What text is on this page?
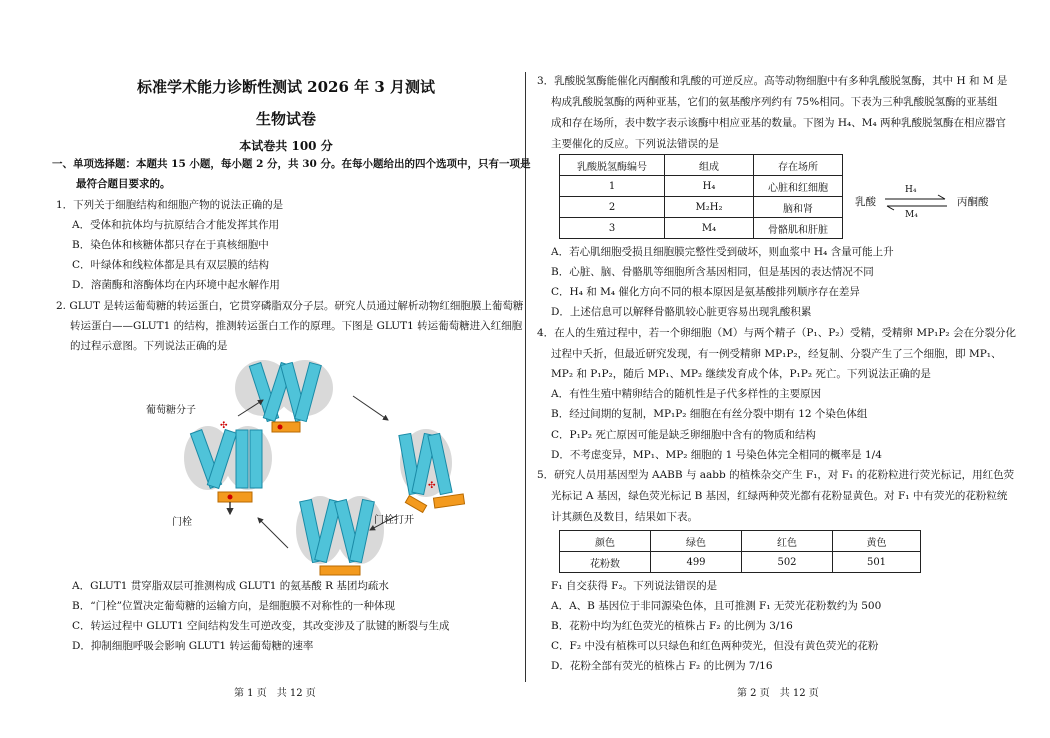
标准学术能力诊断性测试 2026 年 3 月测试
生物试卷
本试卷共 100 分
一、单项选择题：本题共 15 小题，每小题 2 分，共 30 分。在每小题给出的四个选项中，只有一项是
最符合题目要求的。
1．下列关于细胞结构和细胞产物的说法正确的是
A．受体和抗体均与抗原结合才能发挥其作用
B．染色体和核糖体都只存在于真核细胞中
C．叶绿体和线粒体都是具有双层膜的结构
D．溶菌酶和溶酶体均在内环境中起水解作用
2. GLUT 是转运葡萄糖的转运蛋白，它贯穿磷脂双分子层。研究人员通过解析动物红细胞膜上葡萄糖
转运蛋白——GLUT1 的结构，推测转运蛋白工作的原理。下图是 GLUT1 转运葡萄糖进入红细胞
的过程示意图。下列说法正确的是
✣
✣
葡萄糖分子
门栓	门栓打开
A．GLUT1 贯穿脂双层可推测构成 GLUT1 的氨基酸 R 基团均疏水
B．“门栓”位置决定葡萄糖的运输方向，是细胞膜不对称性的一种体现
C．转运过程中 GLUT1 空间结构发生可逆改变，其改变涉及了肽键的断裂与生成
D．抑制细胞呼吸会影响 GLUT1 转运葡萄糖的速率
第 1 页　共 12 页
3．乳酸脱氢酶能催化丙酮酸和乳酸的可逆反应。高等动物细胞中有多种乳酸脱氢酶，其中 H 和 M 是
构成乳酸脱氢酶的两种亚基，它们的氨基酸序列约有 75%相同。下表为三种乳酸脱氢酶的亚基组
成和存在场所，表中数字表示该酶中相应亚基的数量。下图为 H₄、M₄ 两种乳酸脱氢酶在相应器官
主要催化的反应。下列说法错误的是
乳酸脱氢酶编号	组成	存在场所
1	H₄	心脏和红细胞
2	M₂H₂	脑和肾
3	M₄	骨骼肌和肝脏
乳酸	丙酮酸
H₄
M₄
A．若心肌细胞受损且细胞膜完整性受到破坏，则血浆中 H₄ 含量可能上升
B．心脏、脑、骨骼肌等细胞所含基因相同，但是基因的表达情况不同
C．H₄ 和 M₄ 催化方向不同的根本原因是氨基酸排列顺序存在差异
D．上述信息可以解释骨骼肌较心脏更容易出现乳酸积累
4．在人的生殖过程中，若一个卵细胞（M）与两个精子（P₁、P₂）受精，受精卵 MP₁P₂ 会在分裂分化
过程中夭折，但最近研究发现，有一例受精卵 MP₁P₂，经复制、分裂产生了三个细胞，即 MP₁、
MP₂ 和 P₁P₂，随后 MP₁、MP₂ 继续发育成个体，P₁P₂ 死亡。下列说法正确的是
A．有性生殖中精卵结合的随机性是子代多样性的主要原因
B．经过间期的复制，MP₁P₂ 细胞在有丝分裂中期有 12 个染色体组
C．P₁P₂ 死亡原因可能是缺乏卵细胞中含有的物质和结构
D．不考虑变异，MP₁、MP₂ 细胞的 1 号染色体完全相同的概率是 1/4
5．研究人员用基因型为 AABB 与 aabb 的植株杂交产生 F₁，对 F₁ 的花粉粒进行荧光标记，用红色荧
光标记 A 基因，绿色荧光标记 B 基因，红绿两种荧光都有花粉显黄色。对 F₁ 中有荧光的花粉粒统
计其颜色及数目，结果如下表。
颜色	绿色	红色	黄色
花粉数	499	502	501
F₁ 自交获得 F₂。下列说法错误的是
A．A、B 基因位于非同源染色体，且可推测 F₁ 无荧光花粉数约为 500
B．花粉中均为红色荧光的植株占 F₂ 的比例为 3/16
C．F₂ 中没有植株可以只绿色和红色两种荧光，但没有黄色荧光的花粉
D．花粉全部有荧光的植株占 F₂ 的比例为 7/16
第 2 页　共 12 页
